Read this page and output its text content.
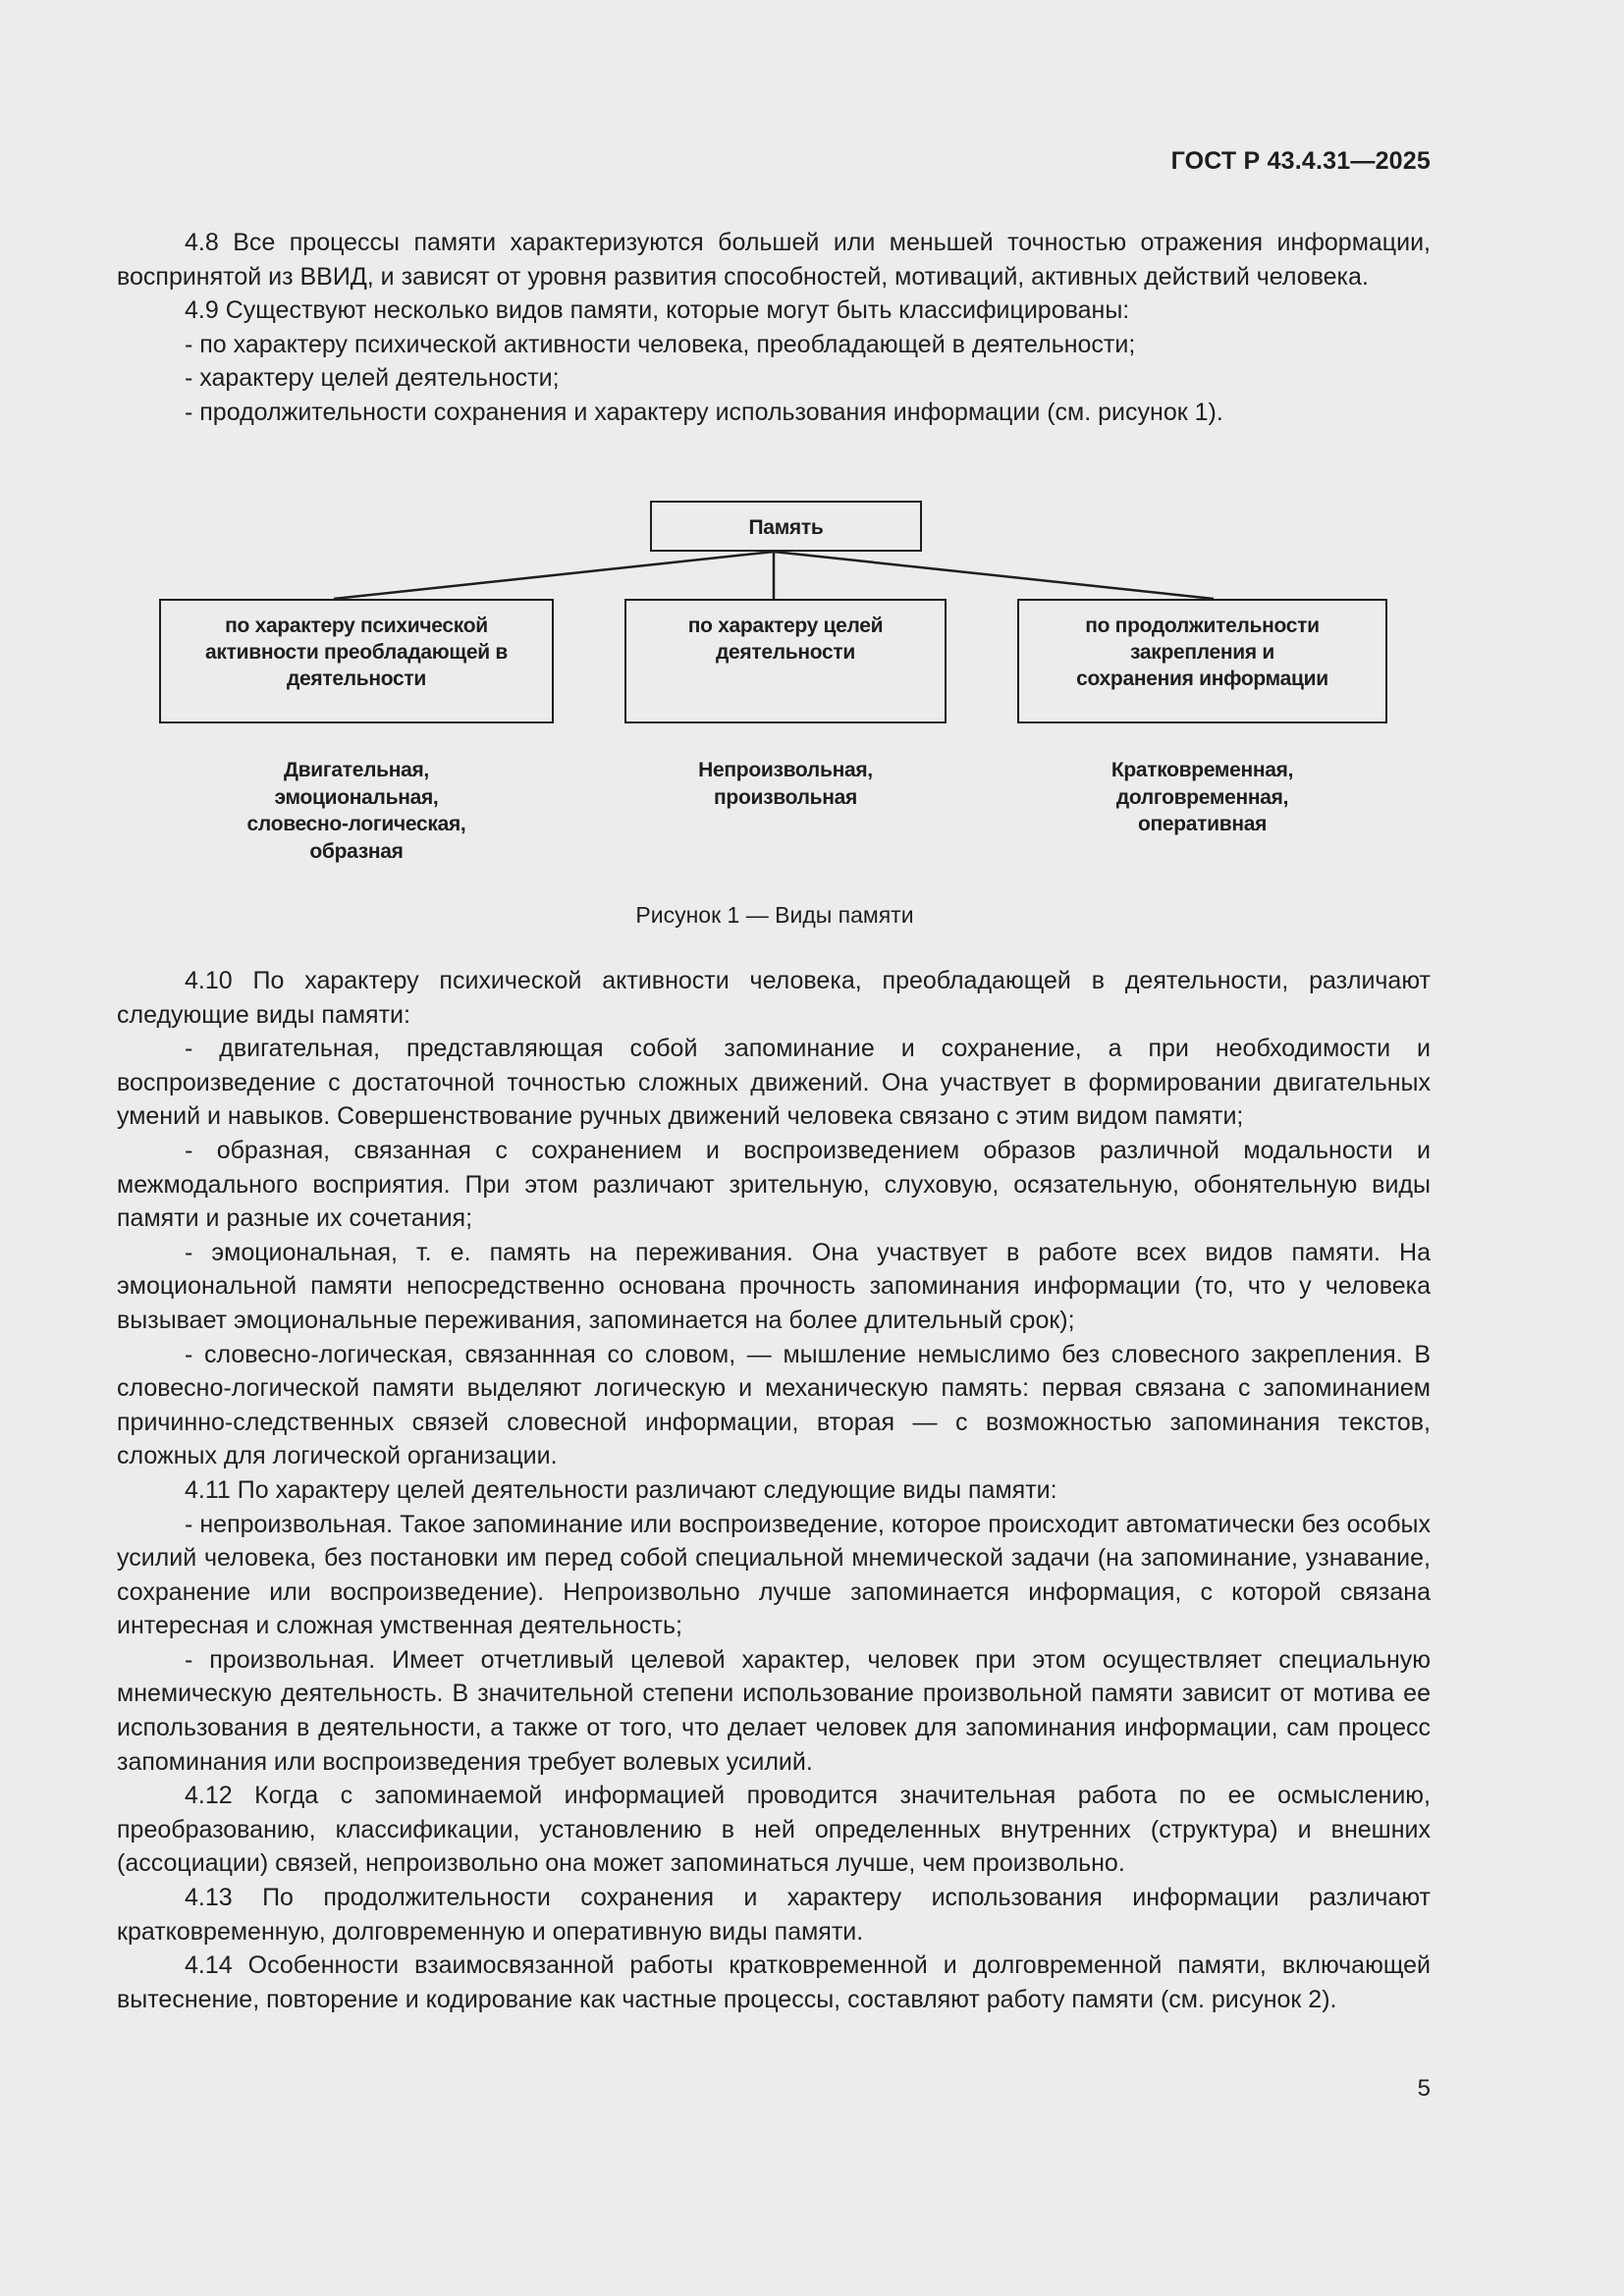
ГОСТ Р 43.4.31—2025

4.8 Все процессы памяти характеризуются большей или меньшей точностью отражения информации, воспринятой из ВВИД, и зависят от уровня развития способностей, мотиваций, активных действий человека.

4.9 Существуют несколько видов памяти, которые могут быть классифицированы:

- по характеру психической активности человека, преобладающей в деятельности;

- характеру целей деятельности;

- продолжительности сохранения и характеру использования информации (см. рисунок 1).

Память
по характеру психической
активности преобладающей в
деятельности
по характеру целей
деятельности
по продолжительности
закрепления и
сохранения информации
Двигательная,
эмоциональная,
словесно-логическая,
образная
Непроизвольная,
произвольная
Кратковременная,
долговременная,
оперативная
Рисунок 1 — Виды памяти

4.10 По характеру психической активности человека, преобладающей в деятельности, различают следующие виды памяти:

- двигательная, представляющая собой запоминание и сохранение, а при необходимости и воспроизведение с достаточной точностью сложных движений. Она участвует в формировании двигательных умений и навыков. Совершенствование ручных движений человека связано с этим видом памяти;

- образная, связанная с сохранением и воспроизведением образов различной модальности и межмодального восприятия. При этом различают зрительную, слуховую, осязательную, обонятельную виды памяти и разные их сочетания;

- эмоциональная, т. е. память на переживания. Она участвует в работе всех видов памяти. На эмоциональной памяти непосредственно основана прочность запоминания информации (то, что у человека вызывает эмоциональные переживания, запоминается на более длительный срок);

- словесно-логическая, связаннная со словом, — мышление немыслимо без словесного закрепления. В словесно-логической памяти выделяют логическую и механическую память: первая связана с запоминанием причинно-следственных связей словесной информации, вторая — с возможностью запоминания текстов, сложных для логической организации.

4.11 По характеру целей деятельности различают следующие виды памяти:

- непроизвольная. Такое запоминание или воспроизведение, которое происходит автоматически без особых усилий человека, без постановки им перед собой специальной мнемической задачи (на запоминание, узнавание, сохранение или воспроизведение). Непроизвольно лучше запоминается информация, с которой связана интересная и сложная умственная деятельность;

- произвольная. Имеет отчетливый целевой характер, человек при этом осуществляет специальную мнемическую деятельность. В значительной степени использование произвольной памяти зависит от мотива ее использования в деятельности, а также от того, что делает человек для запоминания информации, сам процесс запоминания или воспроизведения требует волевых усилий.

4.12 Когда с запоминаемой информацией проводится значительная работа по ее осмыслению, преобразованию, классификации, установлению в ней определенных внутренних (структура) и внешних (ассоциации) связей, непроизвольно она может запоминаться лучше, чем произвольно.

4.13 По продолжительности сохранения и характеру использования информации различают кратковременную, долговременную и оперативную виды памяти.

4.14 Особенности взаимосвязанной работы кратковременной и долговременной памяти, включающей вытеснение, повторение и кодирование как частные процессы, составляют работу памяти (см. рисунок 2).

5
